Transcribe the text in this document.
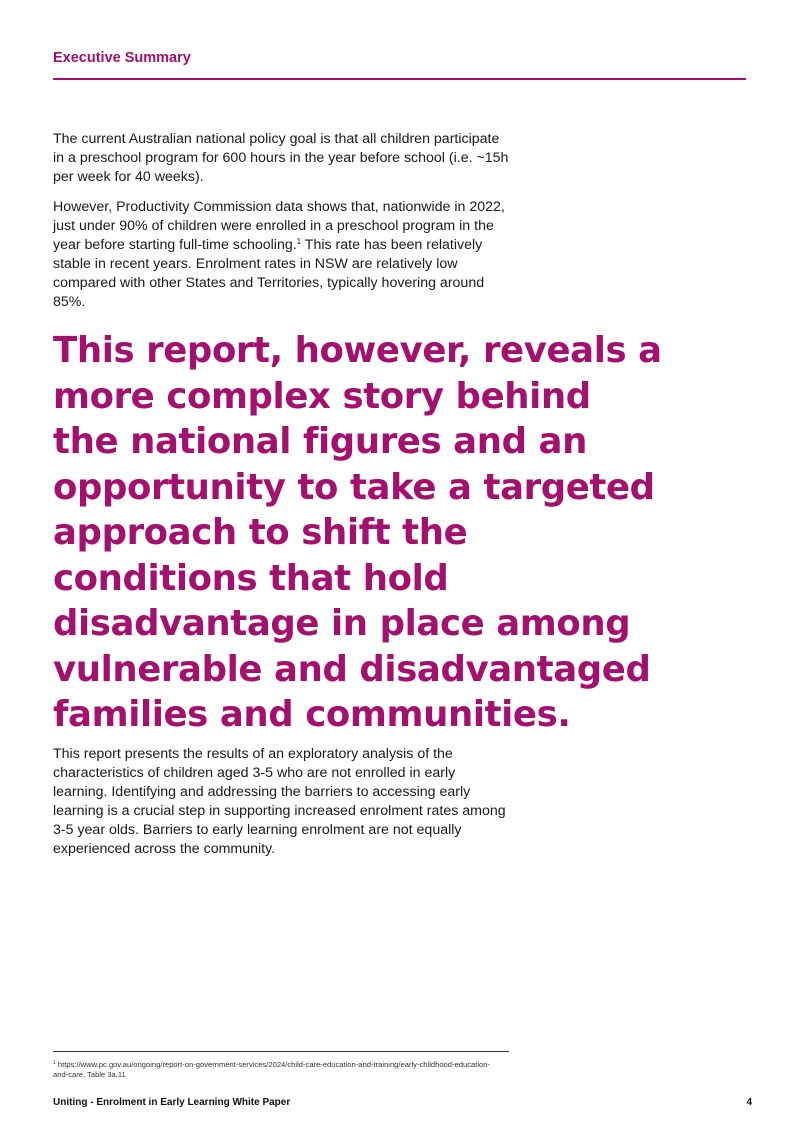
Executive Summary

The current Australian national policy goal is that all children participate in a preschool program for 600 hours in the year before school (i.e. ~15h per week for 40 weeks).

However, Productivity Commission data shows that, nationwide in 2022, just under 90% of children were enrolled in a preschool program in the year before starting full-time schooling.$^1$ This rate has been relatively stable in recent years. Enrolment rates in NSW are relatively low compared with other States and Territories, typically hovering around 85%.

This report, however, reveals a more complex story behind the national figures and an opportunity to take a targeted approach to shift the conditions that hold disadvantage in place among vulnerable and disadvantaged families and communities.

This report presents the results of an exploratory analysis of the characteristics of children aged 3-5 who are not enrolled in early learning. Identifying and addressing the barriers to accessing early learning is a crucial step in supporting increased enrolment rates among 3-5 year olds. Barriers to early learning enrolment are not equally experienced across the community.

$^1$ https://www.pc.gov.au/ongoing/report-on-government-services/2024/child-care-education-and-training/early-childhood-education-and-care, Table 3a.11

Uniting - Enrolment in Early Learning White Paper	4
